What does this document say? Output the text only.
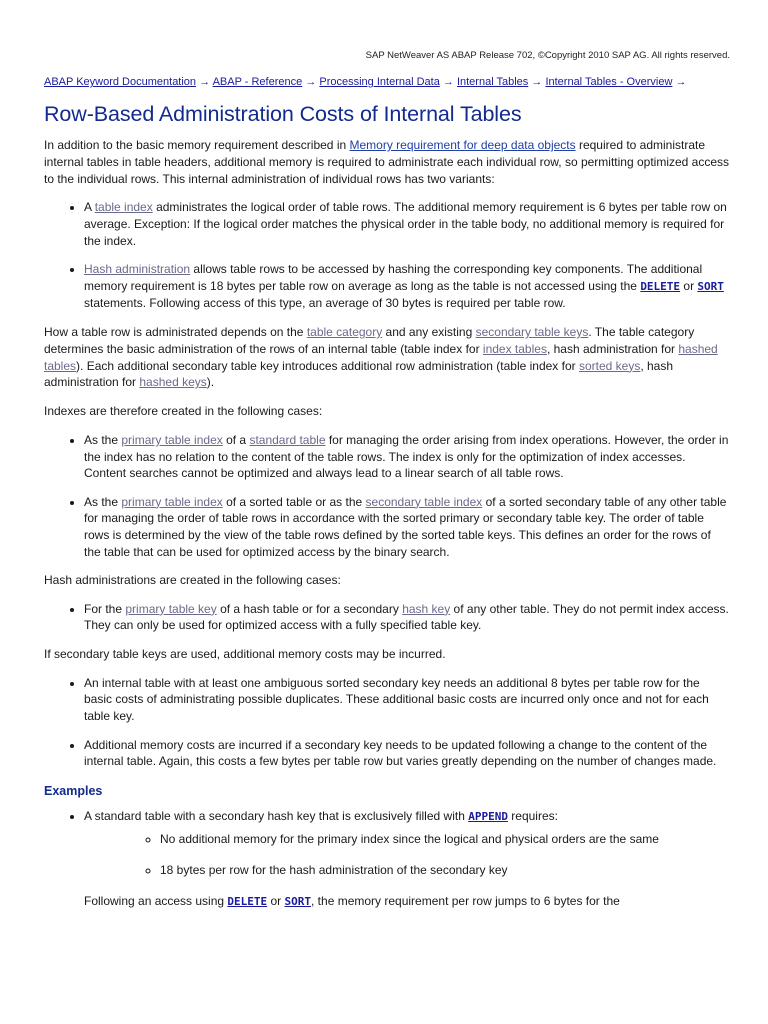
SAP NetWeaver AS ABAP Release 702, ©Copyright 2010 SAP AG. All rights reserved.
ABAP Keyword Documentation → ABAP - Reference → Processing Internal Data → Internal Tables → Internal Tables - Overview →
Row-Based Administration Costs of Internal Tables

In addition to the basic memory requirement described in Memory requirement for deep data objects required to administrate internal tables in table headers, additional memory is required to administrate each individual row, so permitting optimized access to the individual rows. This internal administration of individual rows has two variants:

• A table index administrates the logical order of table rows. The additional memory requirement is 6 bytes per table row on average. Exception: If the logical order matches the physical order in the table body, no additional memory is required for the index.
• Hash administration allows table rows to be accessed by hashing the corresponding key components. The additional memory requirement is 18 bytes per table row on average as long as the table is not accessed using the DELETE or SORT statements. Following access of this type, an average of 30 bytes is required per table row.

How a table row is administrated depends on the table category and any existing secondary table keys. The table category determines the basic administration of the rows of an internal table (table index for index tables, hash administration for hashed tables). Each additional secondary table key introduces additional row administration (table index for sorted keys, hash administration for hashed keys).

Indexes are therefore created in the following cases:

• As the primary table index of a standard table for managing the order arising from index operations. However, the order in the index has no relation to the content of the table rows. The index is only for the optimization of index accesses. Content searches cannot be optimized and always lead to a linear search of all table rows.
• As the primary table index of a sorted table or as the secondary table index of a sorted secondary table of any other table for managing the order of table rows in accordance with the sorted primary or secondary table key. The order of table rows is determined by the view of the table rows defined by the sorted table keys. This defines an order for the rows of the table that can be used for optimized access by the binary search.

Hash administrations are created in the following cases:

• For the primary table key of a hash table or for a secondary hash key of any other table. They do not permit index access. They can only be used for optimized access with a fully specified table key.

If secondary table keys are used, additional memory costs may be incurred.

• An internal table with at least one ambiguous sorted secondary key needs an additional 8 bytes per table row for the basic costs of administrating possible duplicates. These additional basic costs are incurred only once and not for each table key.
• Additional memory costs are incurred if a secondary key needs to be updated following a change to the content of the internal table. Again, this costs a few bytes per table row but varies greatly depending on the number of changes made.
Examples
• A standard table with a secondary hash key that is exclusively filled with APPEND requires:
◦ No additional memory for the primary index since the logical and physical orders are the same
◦ 18 bytes per row for the hash administration of the secondary key

Following an access using DELETE or SORT, the memory requirement per row jumps to 6 bytes for the
